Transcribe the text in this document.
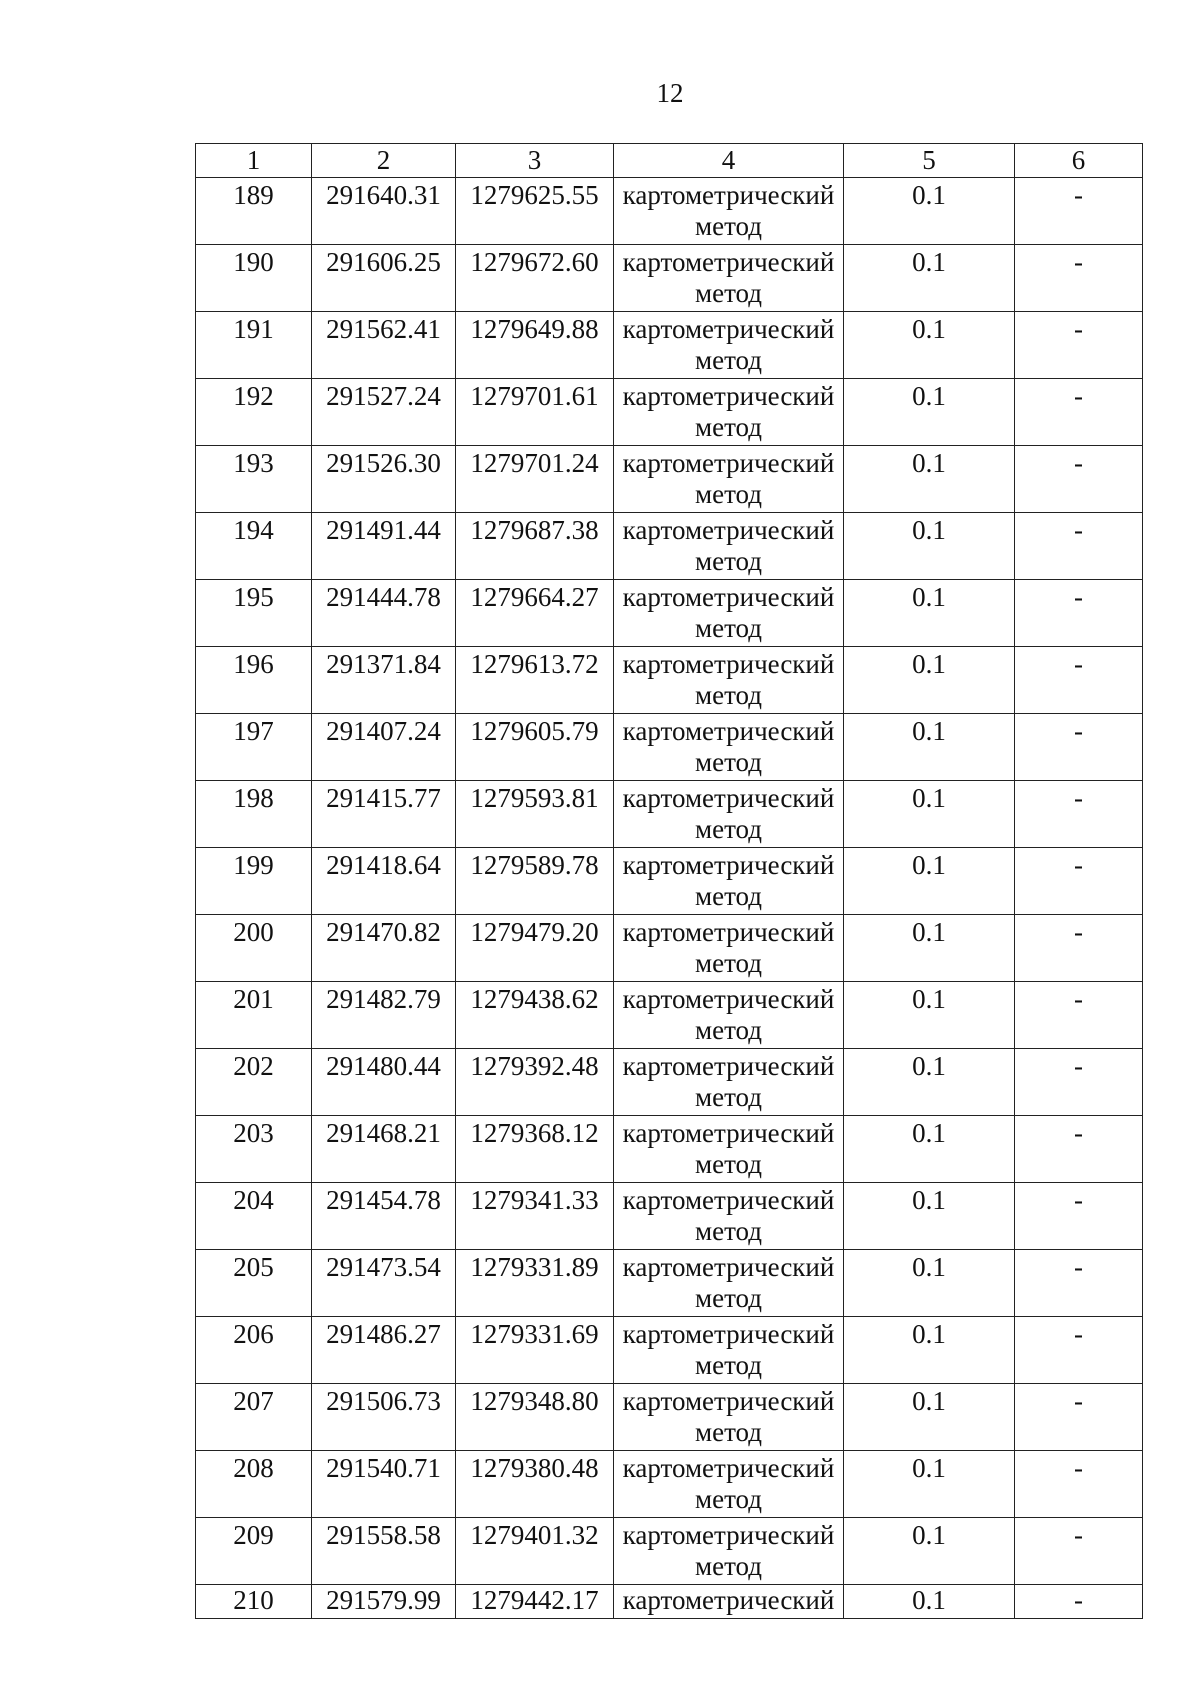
12
1	2	3	4	5	6
189	291640.31	1279625.55	картометрический метод	0.1	-
190	291606.25	1279672.60	картометрический метод	0.1	-
191	291562.41	1279649.88	картометрический метод	0.1	-
192	291527.24	1279701.61	картометрический метод	0.1	-
193	291526.30	1279701.24	картометрический метод	0.1	-
194	291491.44	1279687.38	картометрический метод	0.1	-
195	291444.78	1279664.27	картометрический метод	0.1	-
196	291371.84	1279613.72	картометрический метод	0.1	-
197	291407.24	1279605.79	картометрический метод	0.1	-
198	291415.77	1279593.81	картометрический метод	0.1	-
199	291418.64	1279589.78	картометрический метод	0.1	-
200	291470.82	1279479.20	картометрический метод	0.1	-
201	291482.79	1279438.62	картометрический метод	0.1	-
202	291480.44	1279392.48	картометрический метод	0.1	-
203	291468.21	1279368.12	картометрический метод	0.1	-
204	291454.78	1279341.33	картометрический метод	0.1	-
205	291473.54	1279331.89	картометрический метод	0.1	-
206	291486.27	1279331.69	картометрический метод	0.1	-
207	291506.73	1279348.80	картометрический метод	0.1	-
208	291540.71	1279380.48	картометрический метод	0.1	-
209	291558.58	1279401.32	картометрический метод	0.1	-
210	291579.99	1279442.17	картометрический	0.1	-
